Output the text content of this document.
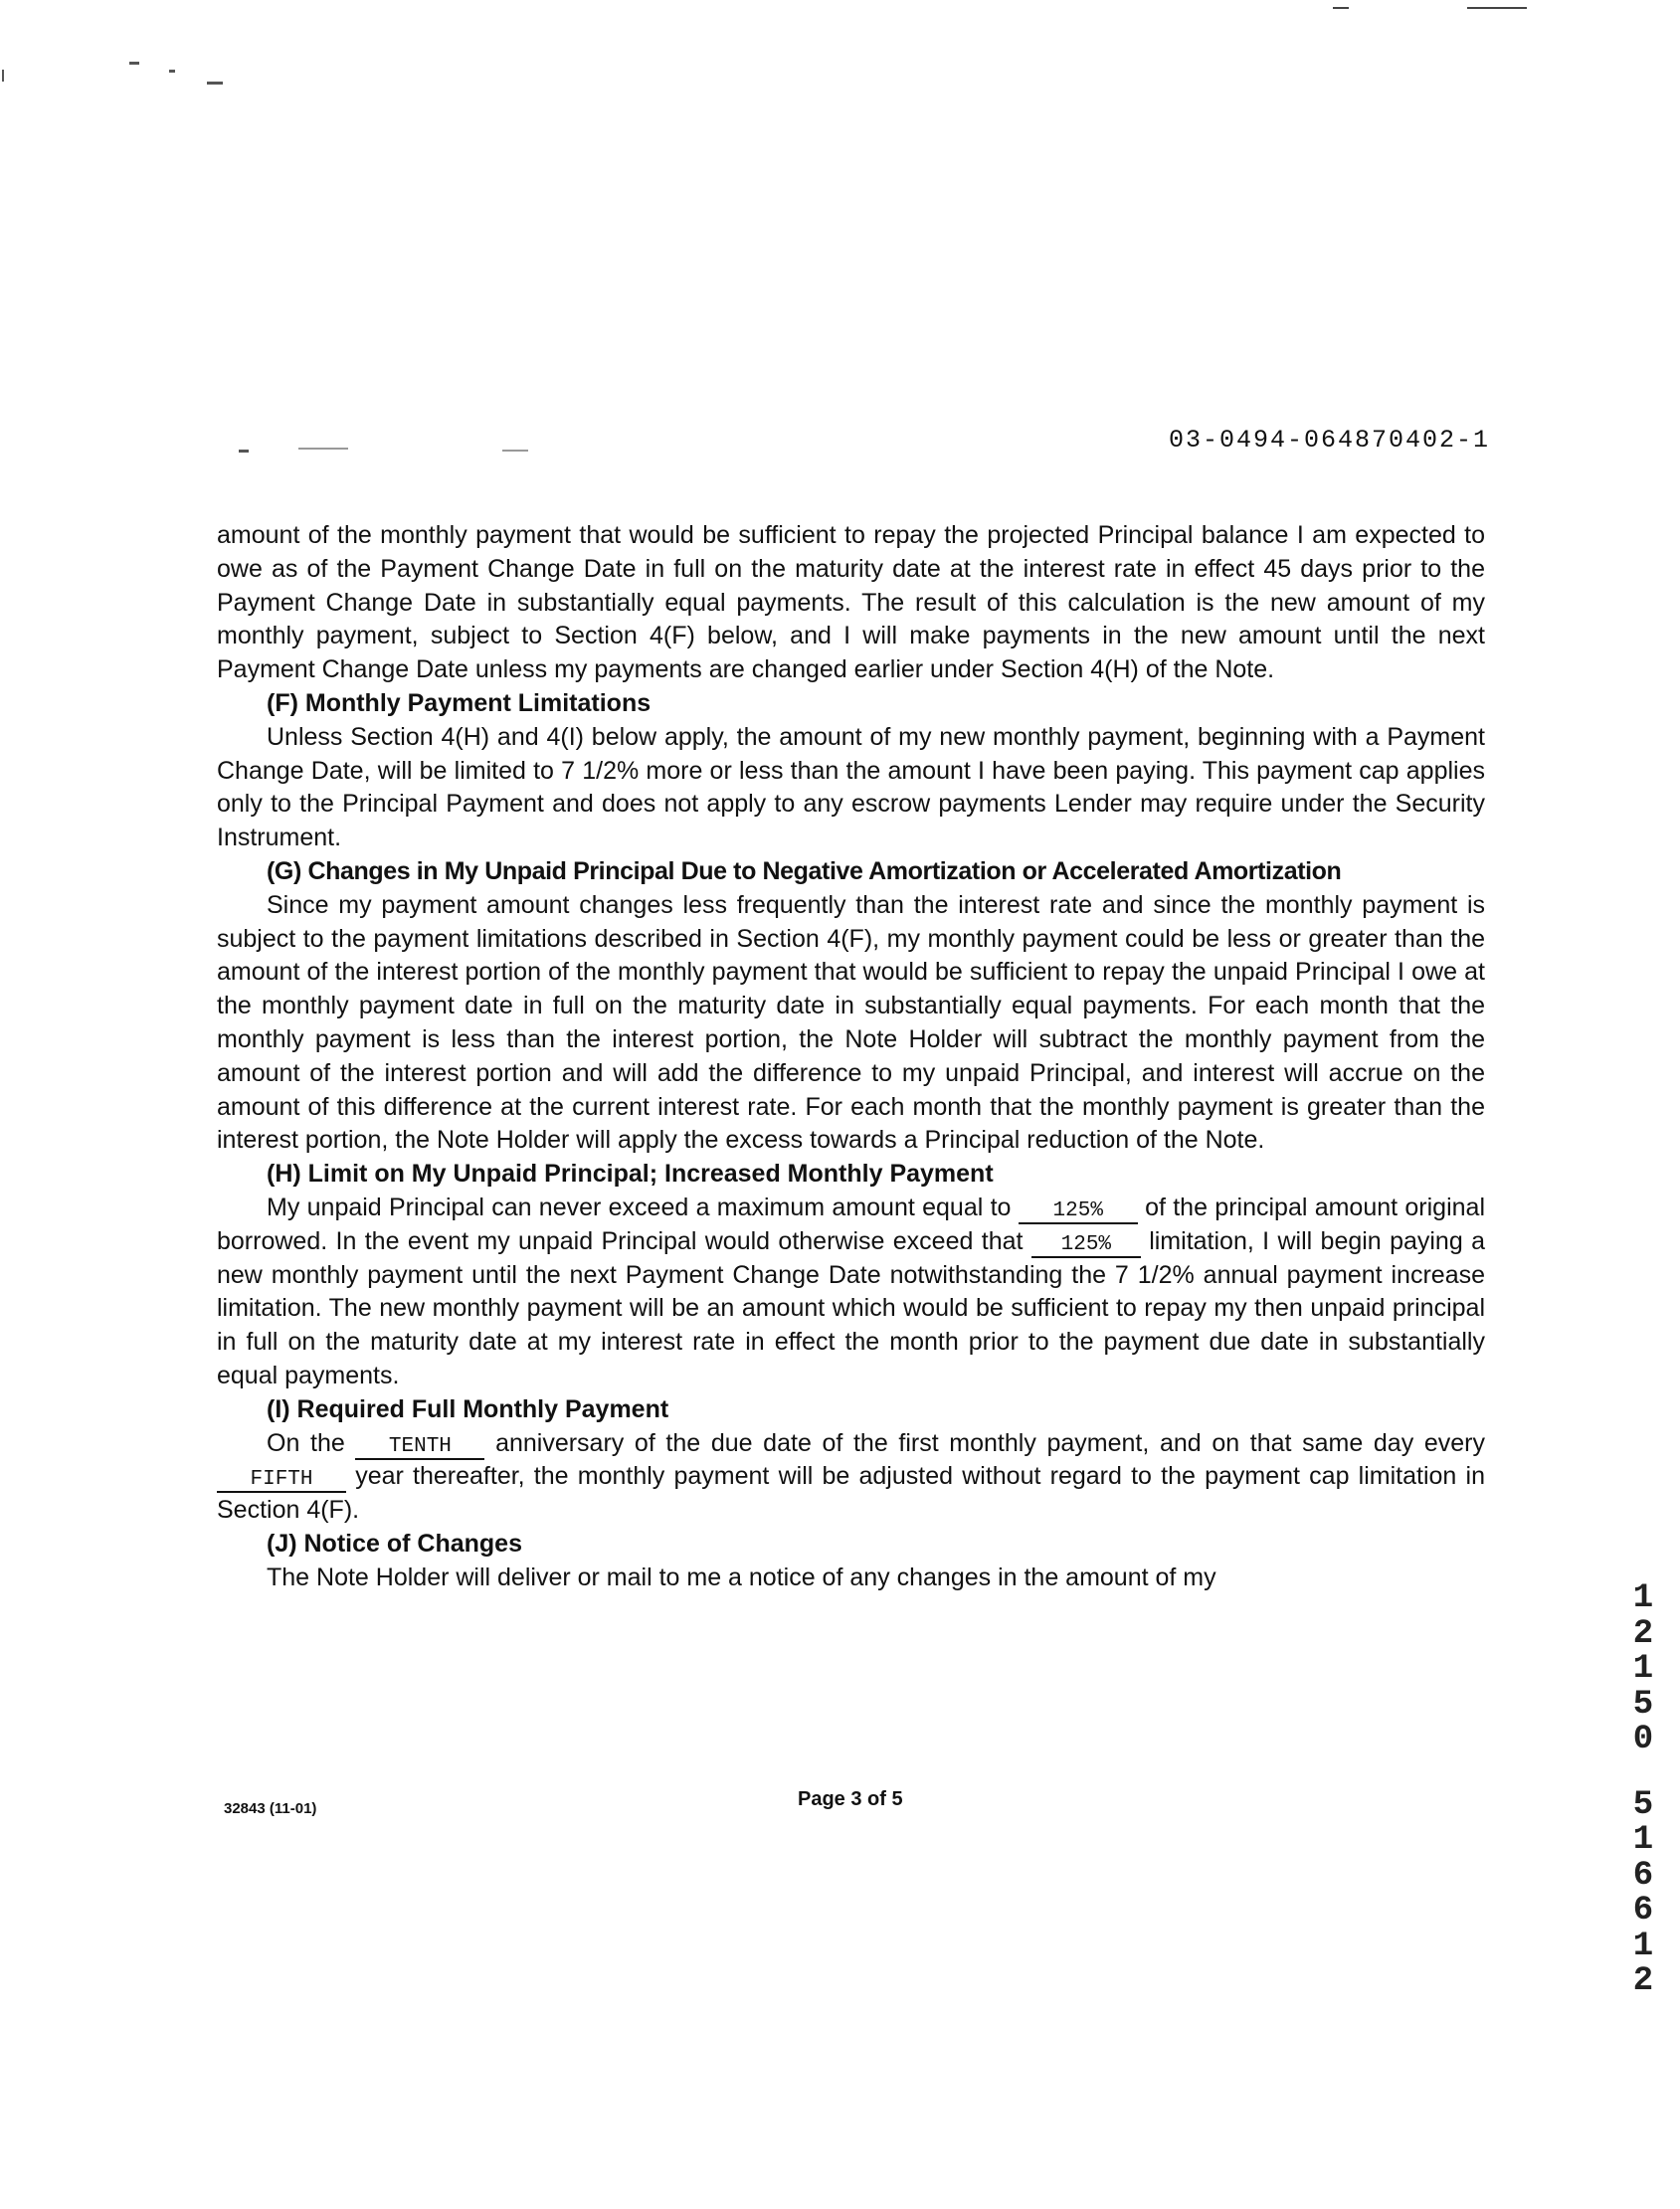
03-0494-064870402-1

amount of the monthly payment that would be sufficient to repay the projected Principal balance I am expected to owe as of the Payment Change Date in full on the maturity date at the interest rate in effect 45 days prior to the Payment Change Date in substantially equal payments. The result of this calculation is the new amount of my monthly payment, subject to Section 4(F) below, and I will make payments in the new amount until the next Payment Change Date unless my payments are changed earlier under Section 4(H) of the Note.

(F) Monthly Payment Limitations

Unless Section 4(H) and 4(I) below apply, the amount of my new monthly payment, beginning with a Payment Change Date, will be limited to 7 1/2% more or less than the amount I have been paying. This payment cap applies only to the Principal Payment and does not apply to any escrow payments Lender may require under the Security Instrument.

(G) Changes in My Unpaid Principal Due to Negative Amortization or Accelerated Amortization

Since my payment amount changes less frequently than the interest rate and since the monthly payment is subject to the payment limitations described in Section 4(F), my monthly payment could be less or greater than the amount of the interest portion of the monthly payment that would be sufficient to repay the unpaid Principal I owe at the monthly payment date in full on the maturity date in substantially equal payments. For each month that the monthly payment is less than the interest portion, the Note Holder will subtract the monthly payment from the amount of the interest portion and will add the difference to my unpaid Principal, and interest will accrue on the amount of this difference at the current interest rate. For each month that the monthly payment is greater than the interest portion, the Note Holder will apply the excess towards a Principal reduction of the Note.

(H) Limit on My Unpaid Principal; Increased Monthly Payment

My unpaid Principal can never exceed a maximum amount equal to 125% of the principal amount original borrowed. In the event my unpaid Principal would otherwise exceed that 125% limitation, I will begin paying a new monthly payment until the next Payment Change Date notwithstanding the 7 1/2% annual payment increase limitation. The new monthly payment will be an amount which would be sufficient to repay my then unpaid principal in full on the maturity date at my interest rate in effect the month prior to the payment due date in substantially equal payments.

(I) Required Full Monthly Payment

On the TENTH anniversary of the due date of the first monthly payment, and on that same day every FIFTH year thereafter, the monthly payment will be adjusted without regard to the payment cap limitation in Section 4(F).

(J) Notice of Changes

The Note Holder will deliver or mail to me a notice of any changes in the amount of my

32843 (11-01)	Page 3 of 5
1
2
1
5
0
5
1
6
6
1
2
